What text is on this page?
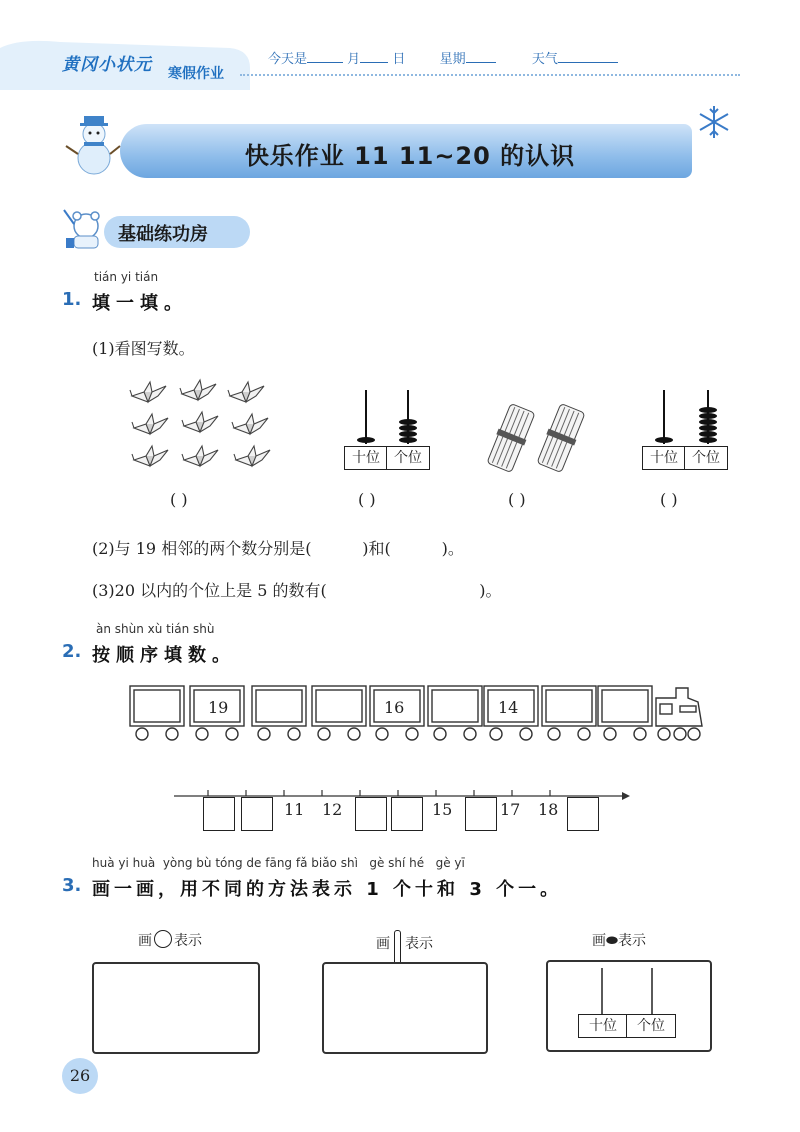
黄冈小状元 寒假作业
今天是	月 日	星期	天气
快乐作业 11 11~20 的认识
基础练功房
tián yi tián
1. 填一填。
(1)看图写数。
十位	个位	十位	个位
( )	( )	( )	( )
(2)与 19 相邻的两个数分别是(          )和(          )。
(3)20 以内的个位上是 5 的数有(                              )。
àn shùn xù tián shù
2. 按顺序填数。
19	16	14
11 12	15	17 18
huà yi huà  yòng bù tóng de fāng fǎ biǎo shì   gè shí hé   gè yī
3. 画一画，用不同的方法表示 1 个十和 3 个一。
画 表示	画 表示	画⬬表示
十位	个位
26
